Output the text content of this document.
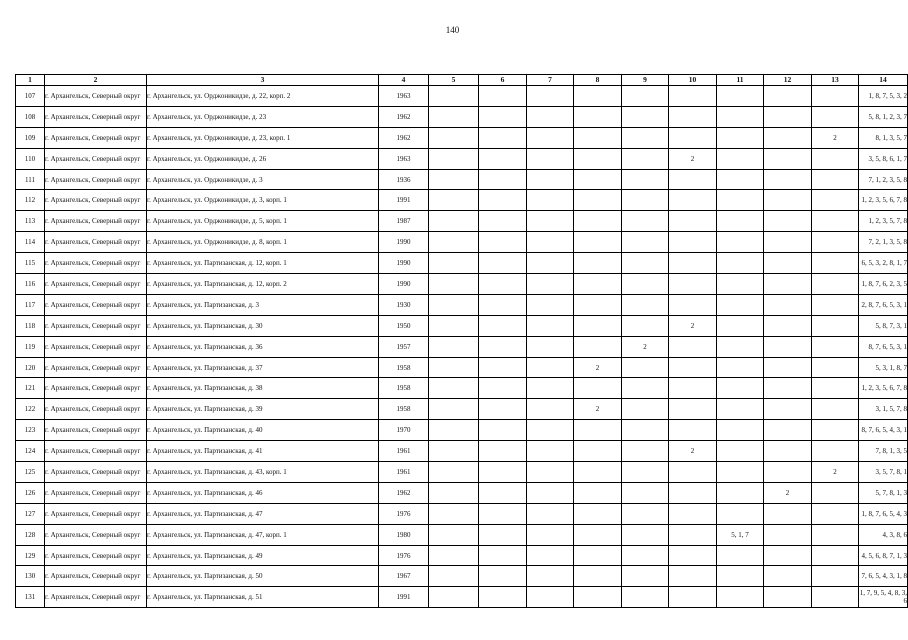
140
1	2	3	4	5	6	7	8	9	10	11	12	13	14
107	г. Архангельск, Северный округ	г. Архангельск, ул. Орджоникидзе, д. 22, корп. 2	1963										1, 8, 7, 5, 3, 2
108	г. Архангельск, Северный округ	г. Архангельск, ул. Орджоникидзе, д. 23	1962										5, 8, 1, 2, 3, 7
109	г. Архангельск, Северный округ	г. Архангельск, ул. Орджоникидзе, д. 23, корп. 1	1962									2	8, 1, 3, 5, 7
110	г. Архангельск, Северный округ	г. Архангельск, ул. Орджоникидзе, д. 26	1963						2				3, 5, 8, 6, 1, 7
111	г. Архангельск, Северный округ	г. Архангельск, ул. Орджоникидзе, д. 3	1936										7, 1, 2, 3, 5, 8
112	г. Архангельск, Северный округ	г. Архангельск, ул. Орджоникидзе, д. 3, корп. 1	1991										1, 2, 3, 5, 6, 7, 8
113	г. Архангельск, Северный округ	г. Архангельск, ул. Орджоникидзе, д. 5, корп. 1	1987										1, 2, 3, 5, 7, 8
114	г. Архангельск, Северный округ	г. Архангельск, ул. Орджоникидзе, д. 8, корп. 1	1990										7, 2, 1, 3, 5, 8
115	г. Архангельск, Северный округ	г. Архангельск, ул. Партизанская, д. 12, корп. 1	1990										6, 5, 3, 2, 8, 1, 7
116	г. Архангельск, Северный округ	г. Архангельск, ул. Партизанская, д. 12, корп. 2	1990										1, 8, 7, 6, 2, 3, 5
117	г. Архангельск, Северный округ	г. Архангельск, ул. Партизанская, д. 3	1930										2, 8, 7, 6, 5, 3, 1
118	г. Архангельск, Северный округ	г. Архангельск, ул. Партизанская, д. 30	1950						2				5, 8, 7, 3, 1
119	г. Архангельск, Северный округ	г. Архангельск, ул. Партизанская, д. 36	1957					2					8, 7, 6, 5, 3, 1
120	г. Архангельск, Северный округ	г. Архангельск, ул. Партизанская, д. 37	1958				2						5, 3, 1, 8, 7
121	г. Архангельск, Северный округ	г. Архангельск, ул. Партизанская, д. 38	1958										1, 2, 3, 5, 6, 7, 8
122	г. Архангельск, Северный округ	г. Архангельск, ул. Партизанская, д. 39	1958				2						3, 1, 5, 7, 8
123	г. Архангельск, Северный округ	г. Архангельск, ул. Партизанская, д. 40	1970										8, 7, 6, 5, 4, 3, 1
124	г. Архангельск, Северный округ	г. Архангельск, ул. Партизанская, д. 41	1961						2				7, 8, 1, 3, 5
125	г. Архангельск, Северный округ	г. Архангельск, ул. Партизанская, д. 43, корп. 1	1961									2	3, 5, 7, 8, 1
126	г. Архангельск, Северный округ	г. Архангельск, ул. Партизанская, д. 46	1962								2		5, 7, 8, 1, 3
127	г. Архангельск, Северный округ	г. Архангельск, ул. Партизанская, д. 47	1976										1, 8, 7, 6, 5, 4, 3
128	г. Архангельск, Северный округ	г. Архангельск, ул. Партизанская, д. 47, корп. 1	1980							5, 1, 7			4, 3, 8, 6
129	г. Архангельск, Северный округ	г. Архангельск, ул. Партизанская, д. 49	1976										4, 5, 6, 8, 7, 1, 3
130	г. Архангельск, Северный округ	г. Архангельск, ул. Партизанская, д. 50	1967										7, 6, 5, 4, 3, 1, 8
131	г. Архангельск, Северный округ	г. Архангельск, ул. Партизанская, д. 51	1991										1, 7, 9, 5, 4, 8, 3, 6
